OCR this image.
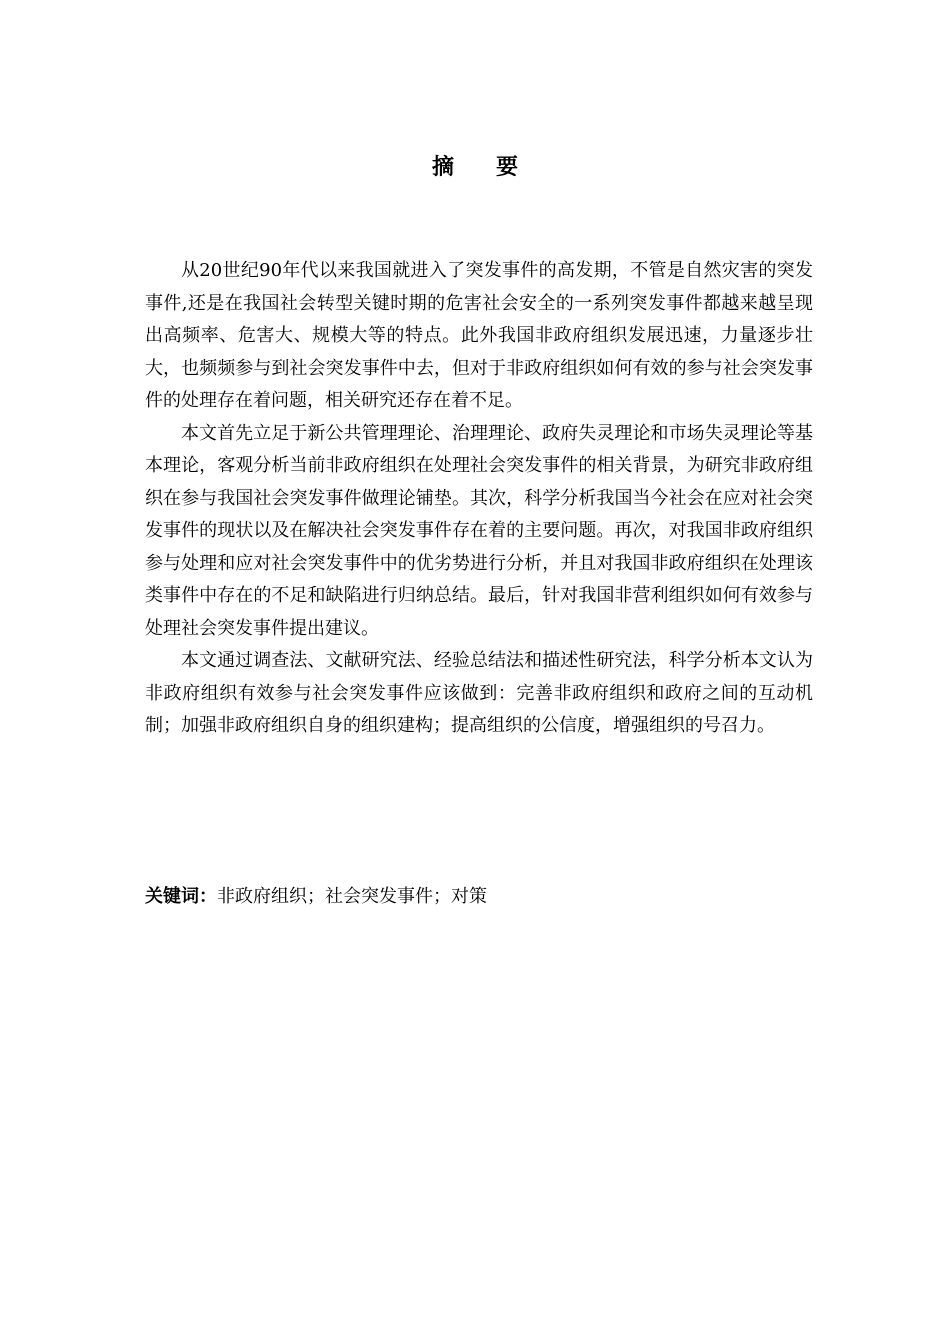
摘 要

从20世纪90年代以来我国就进入了突发事件的高发期，不管是自然灾害的突发事件,还是在我国社会转型关键时期的危害社会安全的一系列突发事件都越来越呈现出高频率、危害大、规模大等的特点。此外我国非政府组织发展迅速，力量逐步壮大，也频频参与到社会突发事件中去，但对于非政府组织如何有效的参与社会突发事件的处理存在着问题，相关研究还存在着不足。

本文首先立足于新公共管理理论、治理理论、政府失灵理论和市场失灵理论等基本理论，客观分析当前非政府组织在处理社会突发事件的相关背景，为研究非政府组织在参与我国社会突发事件做理论铺垫。其次，科学分析我国当今社会在应对社会突发事件的现状以及在解决社会突发事件存在着的主要问题。再次，对我国非政府组织参与处理和应对社会突发事件中的优劣势进行分析，并且对我国非政府组织在处理该类事件中存在的不足和缺陷进行归纳总结。最后，针对我国非营利组织如何有效参与处理社会突发事件提出建议。

本文通过调查法、文献研究法、经验总结法和描述性研究法，科学分析本文认为非政府组织有效参与社会突发事件应该做到：完善非政府组织和政府之间的互动机制；加强非政府组织自身的组织建构；提高组织的公信度，增强组织的号召力。

关键词：非政府组织；社会突发事件；对策
